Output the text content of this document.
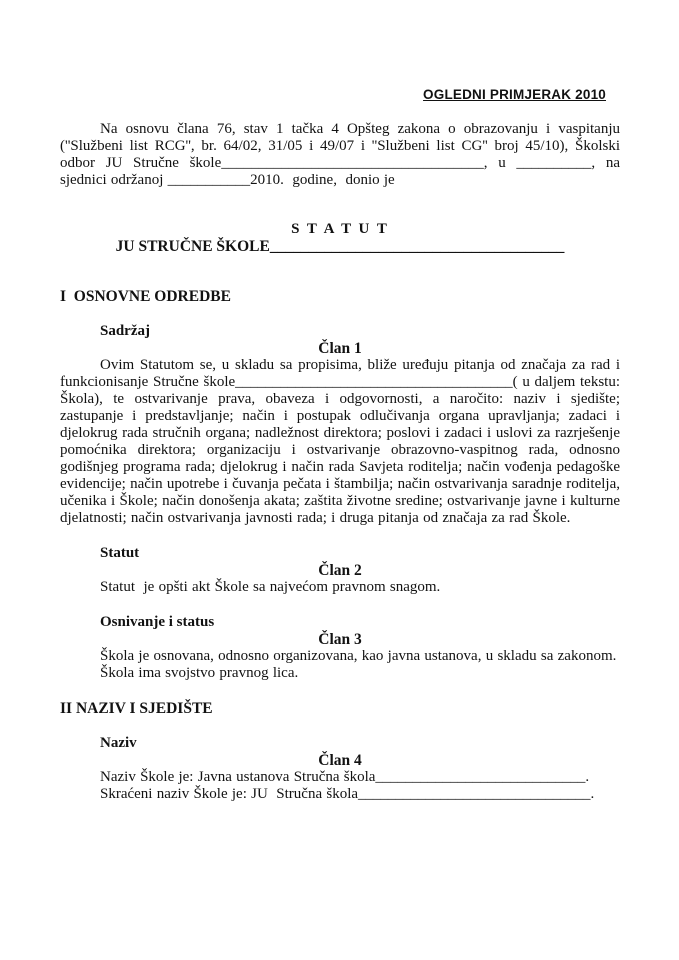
OGLEDNI PRIMJERAK 2010

Na osnovu člana 76, stav 1 tačka 4 Opšteg zakona o obrazovanju i vaspitanju (''Službeni list RCG'', br. 64/02, 31/05 i 49/07 i ''Službeni list CG'' broj 45/10), Školski odbor JU Stručne škole___________________________________, u __________, na sjednici održanoj ___________2010.  godine,  donio je

S T A T U T
JU STRUČNE ŠKOLE______________________________________
I  OSNOVNE ODREDBE
Sadržaj
Član 1

Ovim Statutom se, u skladu sa propisima, bliže uređuju pitanja od značaja za rad i funkcionisanje Stručne škole_____________________________________( u daljem tekstu: Škola), te ostvarivanje prava, obaveza i odgovornosti, a naročito: naziv i sjedište; zastupanje i predstavljanje; način i postupak odlučivanja organa upravljanja; zadaci i djelokrug rada stručnih organa; nadležnost direktora; poslovi i zadaci i uslovi za razrješenje pomoćnika direktora; organizaciju i ostvarivanje obrazovno-vaspitnog rada, odnosno godišnjeg programa rada; djelokrug i način rada Savjeta roditelja; način vođenja pedagoške evidencije; način upotrebe i čuvanja pečata i štambilja; način ostvarivanja saradnje roditelja, učenika i Škole; način donošenja akata; zaštita životne sredine; ostvarivanje javne i kulturne djelatnosti; način ostvarivanja javnosti rada; i druga pitanja od značaja za rad Škole.

Statut
Član 2

Statut  je opšti akt Škole sa najvećom pravnom snagom.

Osnivanje i status
Član 3

Škola je osnovana, odnosno organizovana, kao javna ustanova, u skladu sa zakonom.

Škola ima svojstvo pravnog lica.

II NAZIV I SJEDIŠTE
Naziv
Član 4

Naziv Škole je: Javna ustanova Stručna škola____________________________.

Skraćeni naziv Škole je: JU  Stručna škola_______________________________.
